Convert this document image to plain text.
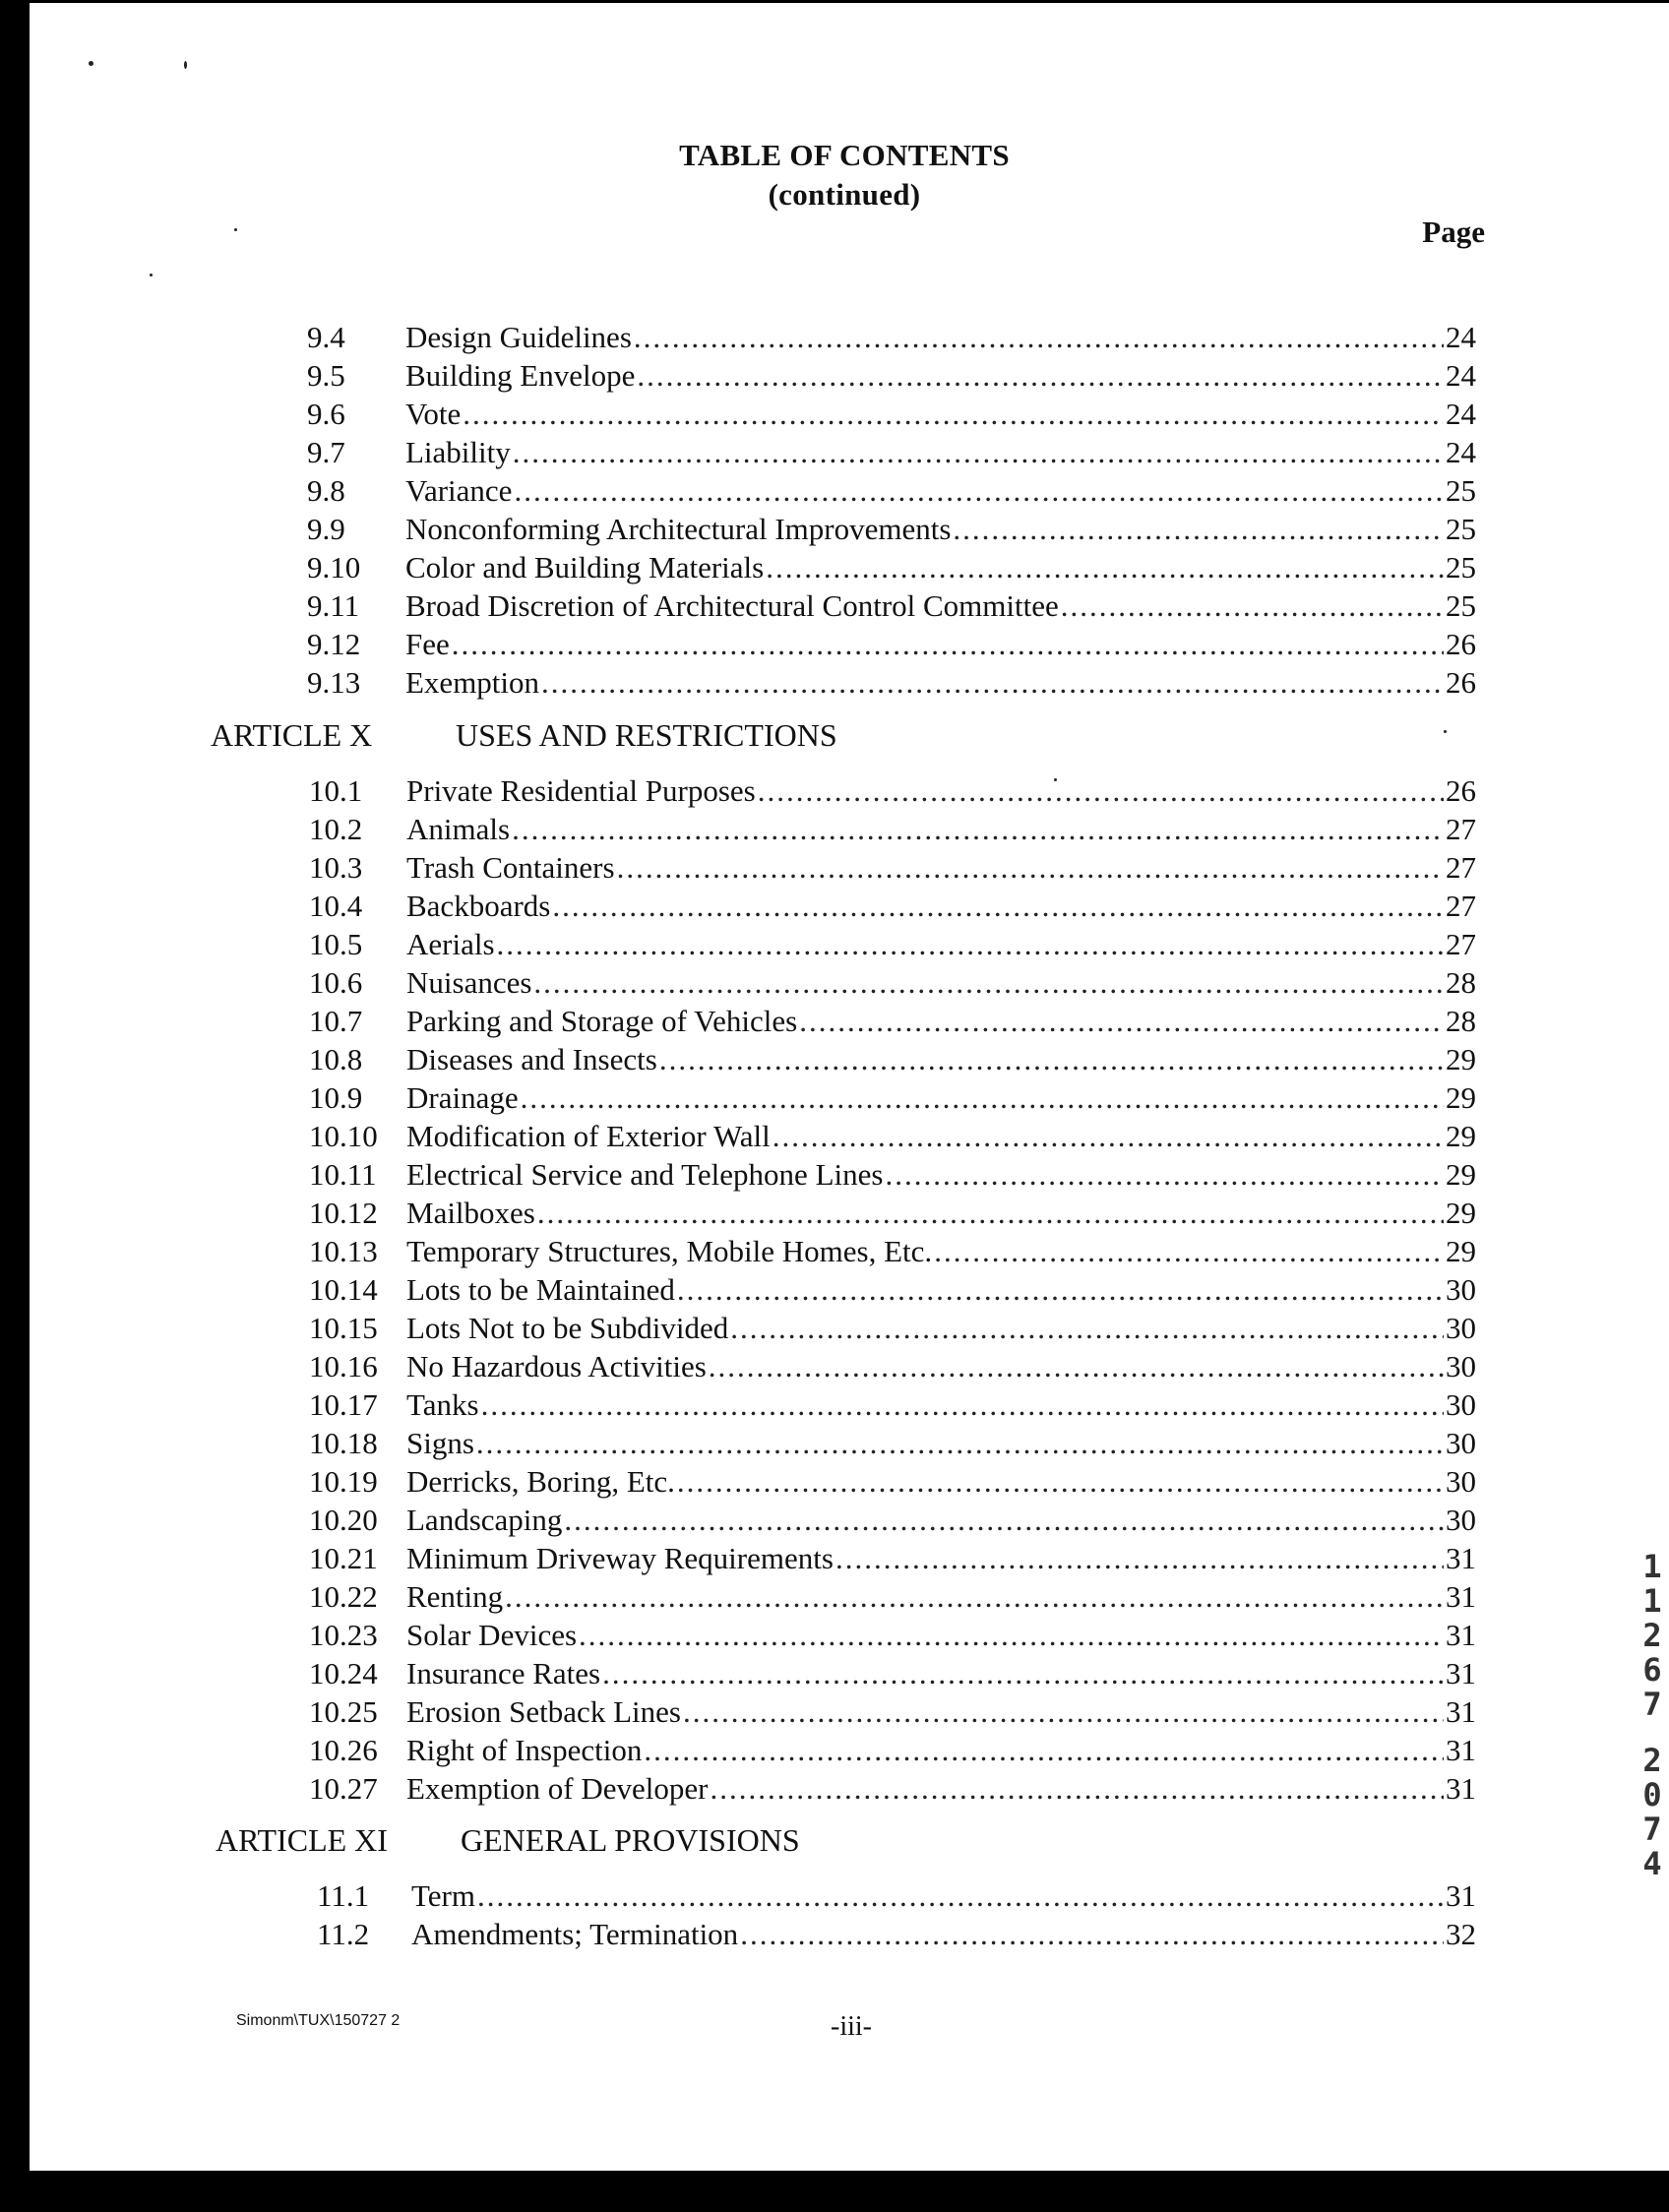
TABLE OF CONTENTS
(continued)
Page
9.4 Design Guidelines .....	24
9.5 Building Envelope .....	24
9.6 Vote .....	24
9.7 Liability .....	24
9.8 Variance .....	25
9.9 Nonconforming Architectural Improvements .....	25
9.10 Color and Building Materials .....	25
9.11 Broad Discretion of Architectural Control Committee .....	25
9.12 Fee .....	26
9.13 Exemption .....	26
ARTICLE X	USES AND RESTRICTIONS
10.1 Private Residential Purposes .....	26
10.2 Animals .....	27
10.3 Trash Containers .....	27
10.4 Backboards .....	27
10.5 Aerials .....	27
10.6 Nuisances .....	28
10.7 Parking and Storage of Vehicles .....	28
10.8 Diseases and Insects .....	29
10.9 Drainage .....	29
10.10 Modification of Exterior Wall .....	29
10.11 Electrical Service and Telephone Lines .....	29
10.12 Mailboxes .....	29
10.13 Temporary Structures, Mobile Homes, Etc. .....	29
10.14 Lots to be Maintained .....	30
10.15 Lots Not to be Subdivided .....	30
10.16 No Hazardous Activities .....	30
10.17 Tanks .....	30
10.18 Signs .....	30
10.19 Derricks, Boring, Etc. .....	30
10.20 Landscaping .....	30
10.21 Minimum Driveway Requirements .....	31
10.22 Renting .....	31
10.23 Solar Devices .....	31
10.24 Insurance Rates .....	31
10.25 Erosion Setback Lines .....	31
10.26 Right of Inspection .....	31
10.27 Exemption of Developer .....	31
ARTICLE XI GENERAL PROVISIONS
11.1 Term .....	31
11.2 Amendments; Termination .....	32
Simonm\TUX\150727 2	-iii-
1
1
2
6
7
2
0
7
4
